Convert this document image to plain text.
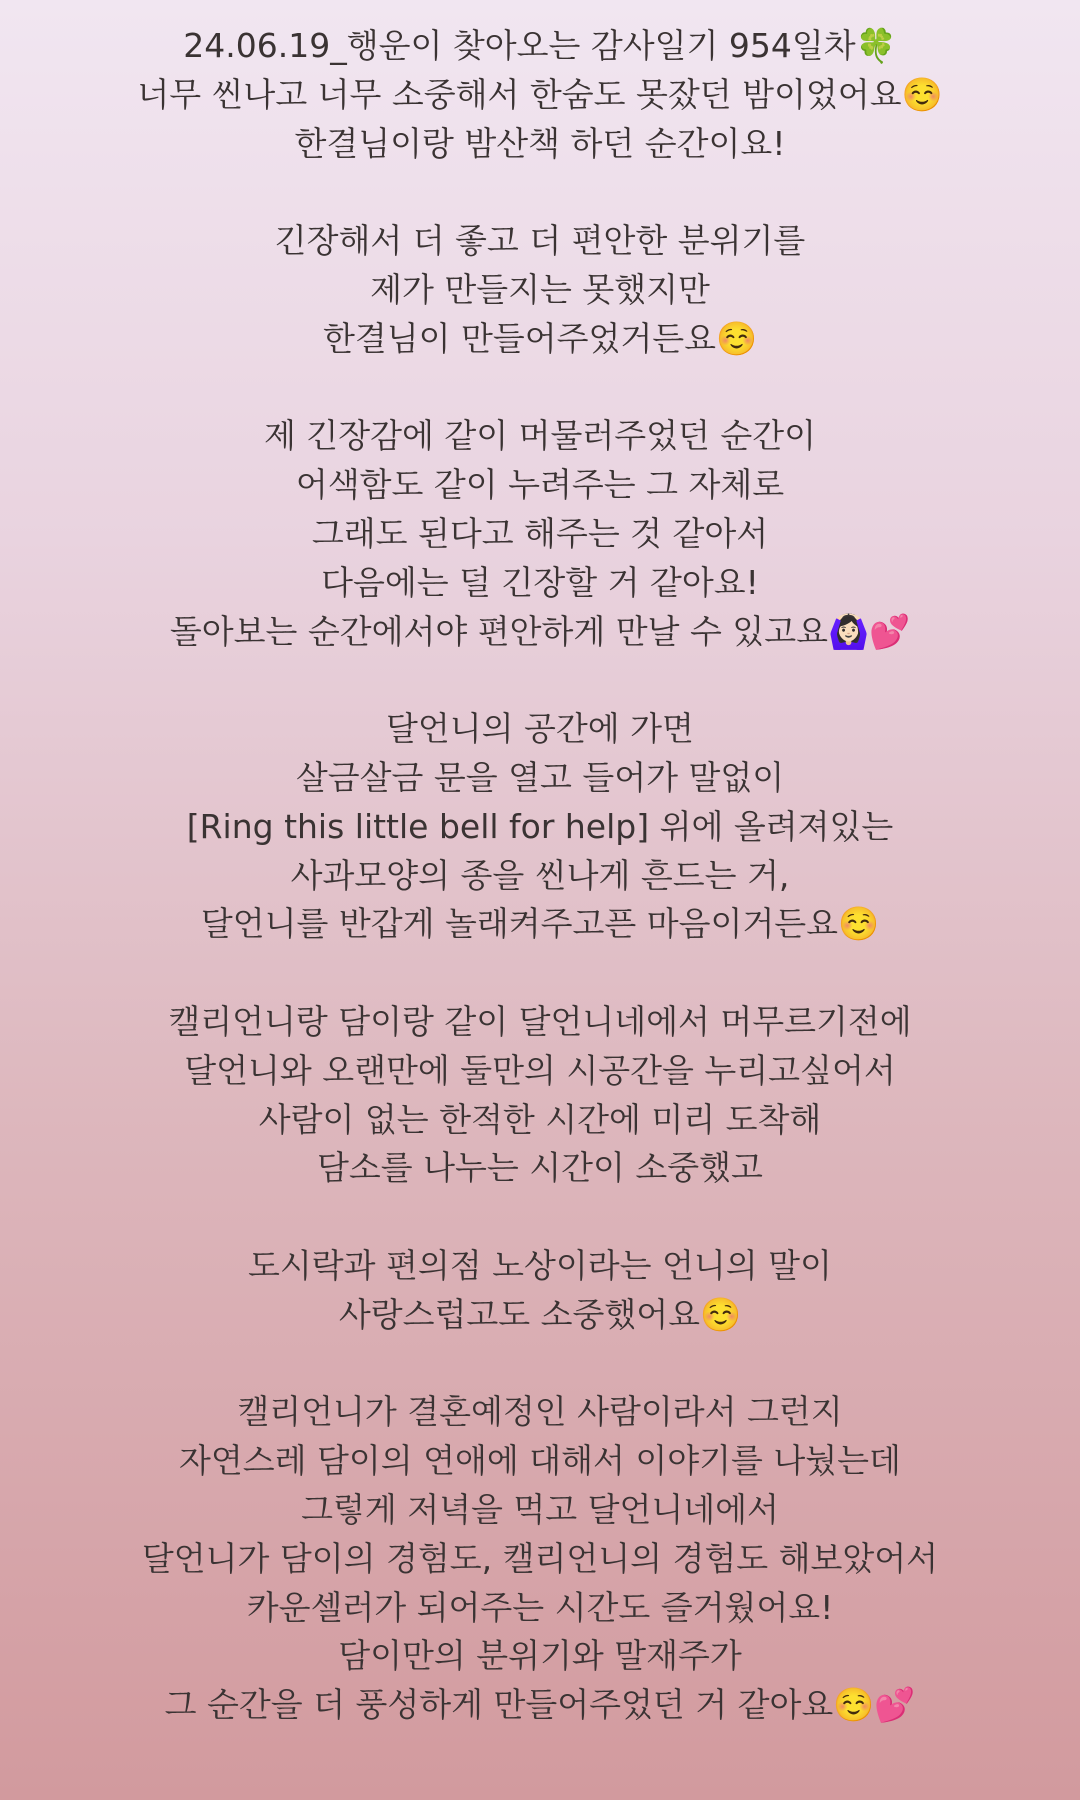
24.06.19_행운이 찾아오는 감사일기 954일차🍀
너무 씬나고 너무 소중해서 한숨도 못잤던 밤이었어요☺️
한결님이랑 밤산책 하던 순간이요!
긴장해서 더 좋고 더 편안한 분위기를
제가 만들지는 못했지만
한결님이 만들어주었거든요☺️
제 긴장감에 같이 머물러주었던 순간이
어색함도 같이 누려주는 그 자체로
그래도 된다고 해주는 것 같아서
다음에는 덜 긴장할 거 같아요!
돌아보는 순간에서야 편안하게 만날 수 있고요🙆🏻‍♀️💕
달언니의 공간에 가면
살금살금 문을 열고 들어가 말없이
[Ring this little bell for help] 위에 올려져있는
사과모양의 종을 씬나게 흔드는 거,
달언니를 반갑게 놀래켜주고픈 마음이거든요☺️
캘리언니랑 담이랑 같이 달언니네에서 머무르기전에
달언니와 오랜만에 둘만의 시공간을 누리고싶어서
사람이 없는 한적한 시간에 미리 도착해
담소를 나누는 시간이 소중했고
도시락과 편의점 노상이라는 언니의 말이
사랑스럽고도 소중했어요☺️
캘리언니가 결혼예정인 사람이라서 그런지
자연스레 담이의 연애에 대해서 이야기를 나눴는데
그렇게 저녁을 먹고 달언니네에서
달언니가 담이의 경험도, 캘리언니의 경험도 해보았어서
카운셀러가 되어주는 시간도 즐거웠어요!
담이만의 분위기와 말재주가
그 순간을 더 풍성하게 만들어주었던 거 같아요☺️💕
